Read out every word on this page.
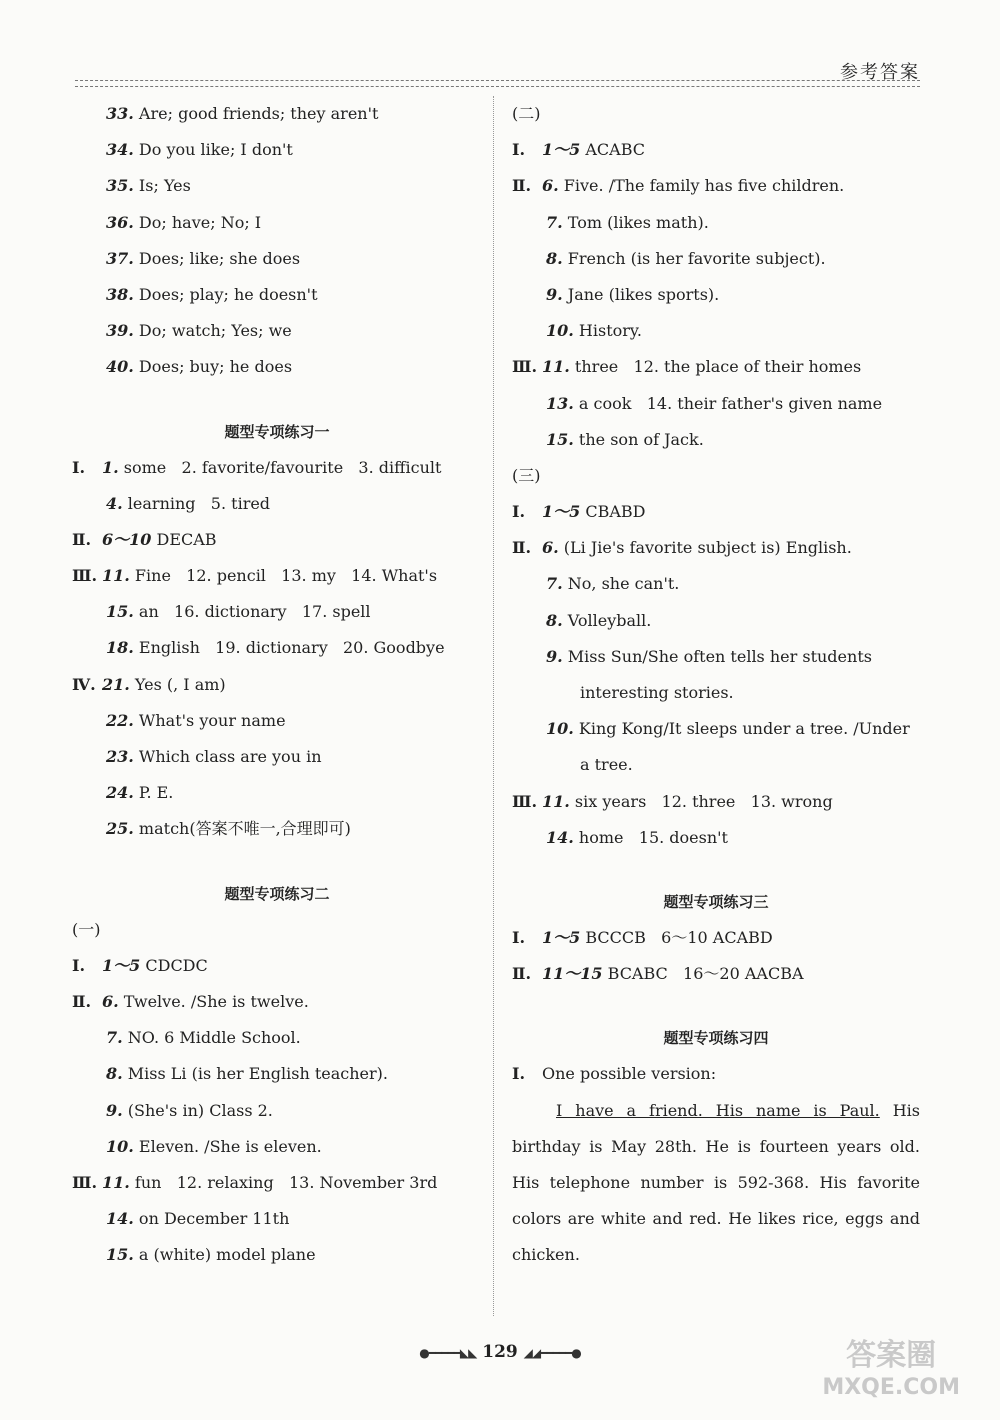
参考答案
33. Are; good friends; they aren't
34. Do you like; I don't
35. Is; Yes
36. Do; have; No; I
37. Does; like; she does
38. Does; play; he doesn't
39. Do; watch; Yes; we
40. Does; buy; he does
题型专项练习一
Ⅰ. 1. some   2. favorite/favourite   3. difficult
4. learning   5. tired
Ⅱ. 6～10 DECAB
Ⅲ. 11. Fine   12. pencil   13. my   14. What's
15. an   16. dictionary   17. spell
18. English   19. dictionary   20. Goodbye
Ⅳ. 21. Yes (, I am)
22. What's your name
23. Which class are you in
24. P. E.
25. match(答案不唯一,合理即可)
题型专项练习二
(一)
Ⅰ. 1～5 CDCDC
Ⅱ. 6. Twelve. /She is twelve.
7. NO. 6 Middle School.
8. Miss Li (is her English teacher).
9. (She's in) Class 2.
10. Eleven. /She is eleven.
Ⅲ. 11. fun   12. relaxing   13. November 3rd
14. on December 11th
15. a (white) model plane
(二)
Ⅰ. 1～5 ACABC
Ⅱ. 6. Five. /The family has five children.
7. Tom (likes math).
8. French (is her favorite subject).
9. Jane (likes sports).
10. History.
Ⅲ. 11. three   12. the place of their homes
13. a cook   14. their father's given name
15. the son of Jack.
(三)
Ⅰ. 1～5 CBABD
Ⅱ. 6. (Li Jie's favorite subject is) English.
7. No, she can't.
8. Volleyball.
9. Miss Sun/She often tells her students
interesting stories.
10. King Kong/It sleeps under a tree. /Under
a tree.
Ⅲ. 11. six years   12. three   13. wrong
14. home   15. doesn't
题型专项练习三
Ⅰ. 1～5 BCCCB   6～10 ACABD
Ⅱ. 11～15 BCABC   16～20 AACBA
题型专项练习四
Ⅰ. One possible version:
I have a friend. His name is Paul. His birthday is May 28th. He is fourteen years old. His telephone number is 592-368. His favorite colors are white and red. He likes rice, eggs and chicken.
●━━━━━◣◣ 129 ◢◢━━━━━●	答案圈
MXQE.COM
